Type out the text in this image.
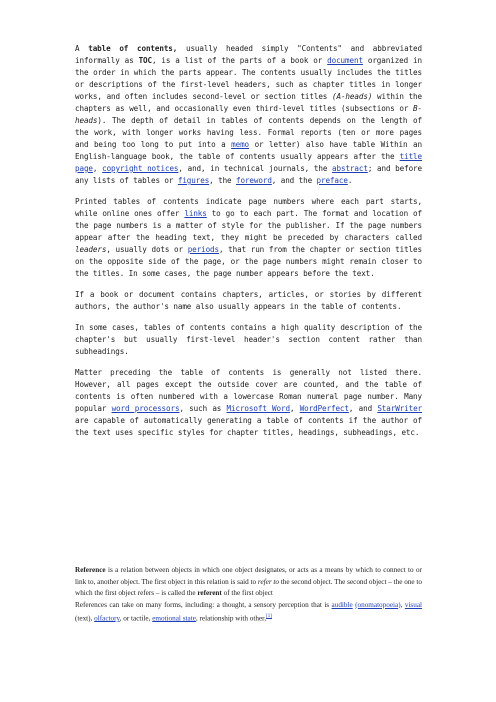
A table of contents, usually headed simply "Contents" and abbreviated informally as TOC, is a list of the parts of a book or document organized in the order in which the parts appear. The contents usually includes the titles or descriptions of the first-level headers, such as chapter titles in longer works, and often includes second-level or section titles (A-heads) within the chapters as well, and occasionally even third-level titles (subsections or B-heads). The depth of detail in tables of contents depends on the length of the work, with longer works having less. Formal reports (ten or more pages and being too long to put into a memo or letter) also have table Within an English-language book, the table of contents usually appears after the title page, copyright notices, and, in technical journals, the abstract; and before any lists of tables or figures, the foreword, and the preface.

Printed tables of contents indicate page numbers where each part starts, while online ones offer links to go to each part. The format and location of the page numbers is a matter of style for the publisher. If the page numbers appear after the heading text, they might be preceded by characters called leaders, usually dots or periods, that run from the chapter or section titles on the opposite side of the page, or the page numbers might remain closer to the titles. In some cases, the page number appears before the text.

If a book or document contains chapters, articles, or stories by different authors, the author's name also usually appears in the table of contents.

In some cases, tables of contents contains a high quality description of the chapter's but usually first-level header's section content rather than subheadings.

Matter preceding the table of contents is generally not listed there. However, all pages except the outside cover are counted, and the table of contents is often numbered with a lowercase Roman numeral page number. Many popular word processors, such as Microsoft Word, WordPerfect, and StarWriter are capable of automatically generating a table of contents if the author of the text uses specific styles for chapter titles, headings, subheadings, etc.

Reference is a relation between objects in which one object designates, or acts as a means by which to connect to or link to, another object. The first object in this relation is said to refer to the second object. The second object – the one to which the first object refers – is called the referent of the first object

References can take on many forms, including: a thought, a sensory perception that is audible (onomatopoeia), visual (text), olfactory, or tactile, emotional state, relationship with other,[1]
